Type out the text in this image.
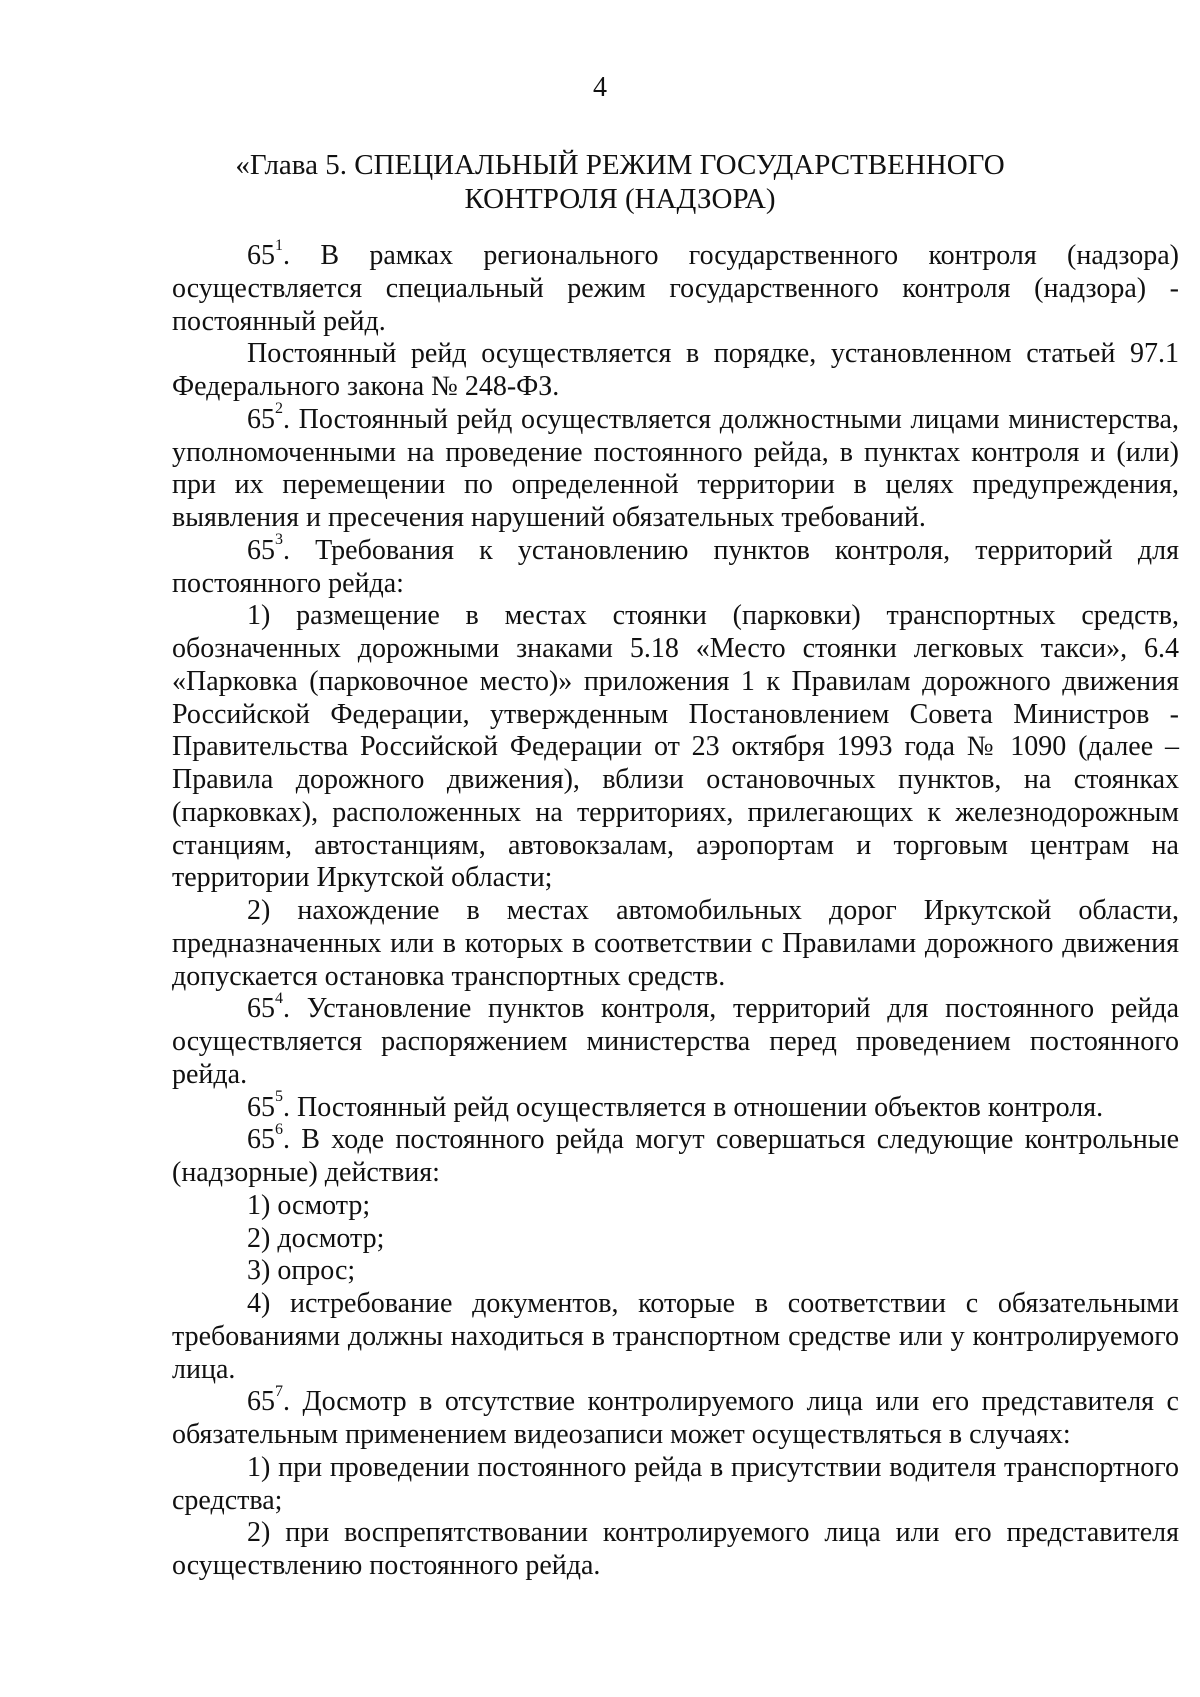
4
«Глава 5. СПЕЦИАЛЬНЫЙ РЕЖИМ ГОСУДАРСТВЕННОГО
КОНТРОЛЯ (НАДЗОРА)

$65^1$. В рамках регионального государственного контроля (надзора) осуществляется специальный режим государственного контроля (надзора) - постоянный рейд.

Постоянный рейд осуществляется в порядке, установленном статьей 97.1 Федерального закона № 248-ФЗ.

$65^2$. Постоянный рейд осуществляется должностными лицами министерства, уполномоченными на проведение постоянного рейда, в пунктах контроля и (или) при их перемещении по определенной территории в целях предупреждения, выявления и пресечения нарушений обязательных требований.

$65^3$. Требования к установлению пунктов контроля, территорий для постоянного рейда:

1) размещение в местах стоянки (парковки) транспортных средств, обозначенных дорожными знаками 5.18 «Место стоянки легковых такси», 6.4 «Парковка (парковочное место)» приложения 1 к Правилам дорожного движения Российской Федерации, утвержденным Постановлением Совета Министров - Правительства Российской Федерации от 23 октября 1993 года № 1090 (далее – Правила дорожного движения), вблизи остановочных пунктов, на стоянках (парковках), расположенных на территориях, прилегающих к железнодорожным станциям, автостанциям, автовокзалам, аэропортам и торговым центрам на территории Иркутской области;

2) нахождение в местах автомобильных дорог Иркутской области, предназначенных или в которых в соответствии с Правилами дорожного движения допускается остановка транспортных средств.

$65^4$. Установление пунктов контроля, территорий для постоянного рейда осуществляется распоряжением министерства перед проведением постоянного рейда.

$65^5$. Постоянный рейд осуществляется в отношении объектов контроля.

$65^6$. В ходе постоянного рейда могут совершаться следующие контрольные (надзорные) действия:

1) осмотр;

2) досмотр;

3) опрос;

4) истребование документов, которые в соответствии с обязательными требованиями должны находиться в транспортном средстве или у контролируемого лица.

$65^7$. Досмотр в отсутствие контролируемого лица или его представителя с обязательным применением видеозаписи может осуществляться в случаях:

1) при проведении постоянного рейда в присутствии водителя транспортного средства;

2) при воспрепятствовании контролируемого лица или его представителя осуществлению постоянного рейда.
